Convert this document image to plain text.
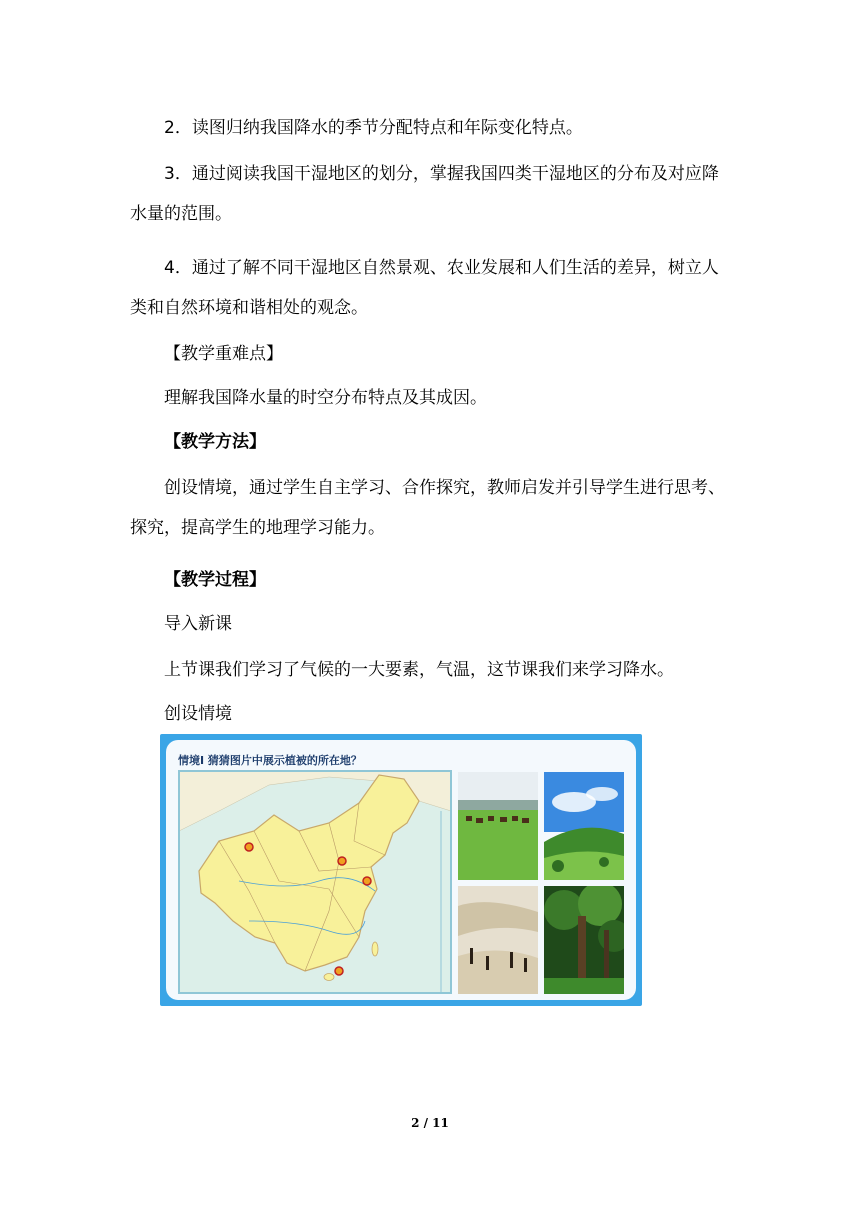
2．读图归纳我国降水的季节分配特点和年际变化特点。

3．通过阅读我国干湿地区的划分，掌握我国四类干湿地区的分布及对应降水量的范围。

4．通过了解不同干湿地区自然景观、农业发展和人们生活的差异，树立人类和自然环境和谐相处的观念。

【教学重难点】

理解我国降水量的时空分布特点及其成因。

【教学方法】

创设情境，通过学生自主学习、合作探究，教师启发并引导学生进行思考、探究，提高学生的地理学习能力。

【教学过程】

导入新课

上节课我们学习了气候的一大要素，气温，这节课我们来学习降水。

创设情境

情境Ⅰ 猜猜图片中展示植被的所在地？
2 / 11
